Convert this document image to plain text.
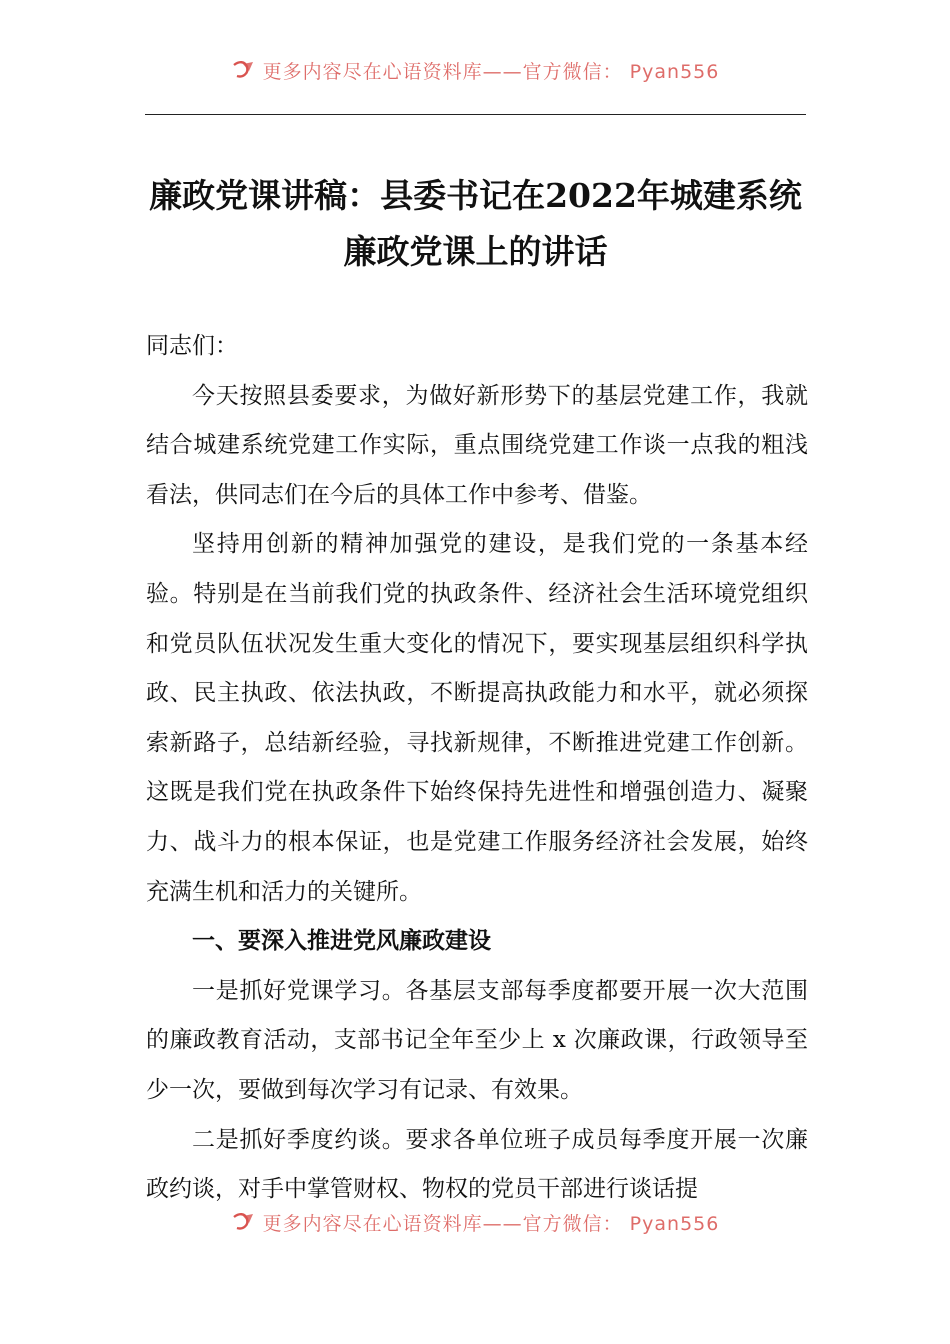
更多内容尽在心语资料库——官方微信： Pyan556
廉政党课讲稿：县委书记在2022年城建系统廉政党课上的讲话

同志们：

今天按照县委要求，为做好新形势下的基层党建工作，我就结合城建系统党建工作实际，重点围绕党建工作谈一点我的粗浅看法，供同志们在今后的具体工作中参考、借鉴。

坚持用创新的精神加强党的建设，是我们党的一条基本经验。特别是在当前我们党的执政条件、经济社会生活环境党组织和党员队伍状况发生重大变化的情况下，要实现基层组织科学执政、民主执政、依法执政，不断提高执政能力和水平，就必须探索新路子，总结新经验，寻找新规律，不断推进党建工作创新。这既是我们党在执政条件下始终保持先进性和增强创造力、凝聚力、战斗力的根本保证，也是党建工作服务经济社会发展，始终充满生机和活力的关键所。

一、要深入推进党风廉政建设

一是抓好党课学习。各基层支部每季度都要开展一次大范围的廉政教育活动，支部书记全年至少上 x 次廉政课，行政领导至少一次，要做到每次学习有记录、有效果。

二是抓好季度约谈。要求各单位班子成员每季度开展一次廉政约谈，对手中掌管财权、物权的党员干部进行谈话提

更多内容尽在心语资料库——官方微信： Pyan556
